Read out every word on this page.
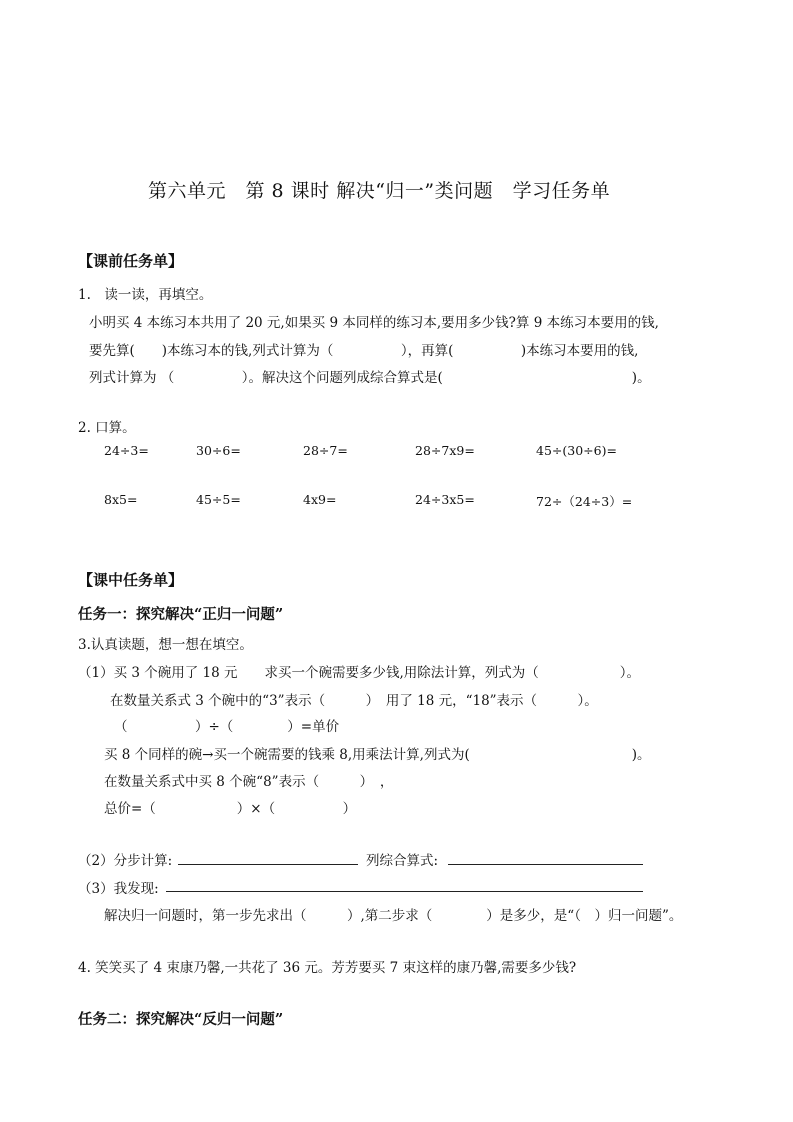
第六单元　第 8 课时 解决“归一”类问题　学习任务单
【课前任务单】
1.　读一读，再填空。
小明买 4 本练习本共用了 20 元,如果买 9 本同样的练习本,要用多少钱?算 9 本练习本要用的钱,
要先算(　　)本练习本的钱,列式计算为（　　　　　），再算(　　　　　)本练习本要用的钱,
列式计算为 （　　　　　）。解决这个问题列成综合算式是(　　　　　　　　　　　　　　)。
2. 口算。
24÷3=	30÷6=	28÷7=	28÷7x9=	45÷(30÷6)=
8x5=	45÷5=	4x9=	24÷3x5=	72÷（24÷3）=
【课中任务单】
任务一：探究解决“正归一问题”
3.认真读题，想一想在填空。
（1）买 3 个碗用了 18 元　　求买一个碗需要多少钱,用除法计算，列式为（　　　　　　）。
在数量关系式 3 个碗中的“3”表示（　　　）　用了 18 元，“18”表示（　　　）。
（　　　　　）÷（　　　　）=单价
买 8 个同样的碗→买一个碗需要的钱乘 8,用乘法计算,列式为(　　　　　　　　　　　　)。
在数量关系式中买 8 个碗“8”表示（　　　）　，
总价=（　　　　　　）×（　　　　　）
（2）分步计算:	列综合算式:
（3）我发现:
解决归一问题时，第一步先求出（　　　）,第二步求（　　　　）是多少，是“（　）归一问题”。
4. 笑笑买了 4 束康乃馨,一共花了 36 元。芳芳要买 7 束这样的康乃馨,需要多少钱?
任务二：探究解决“反归一问题”
